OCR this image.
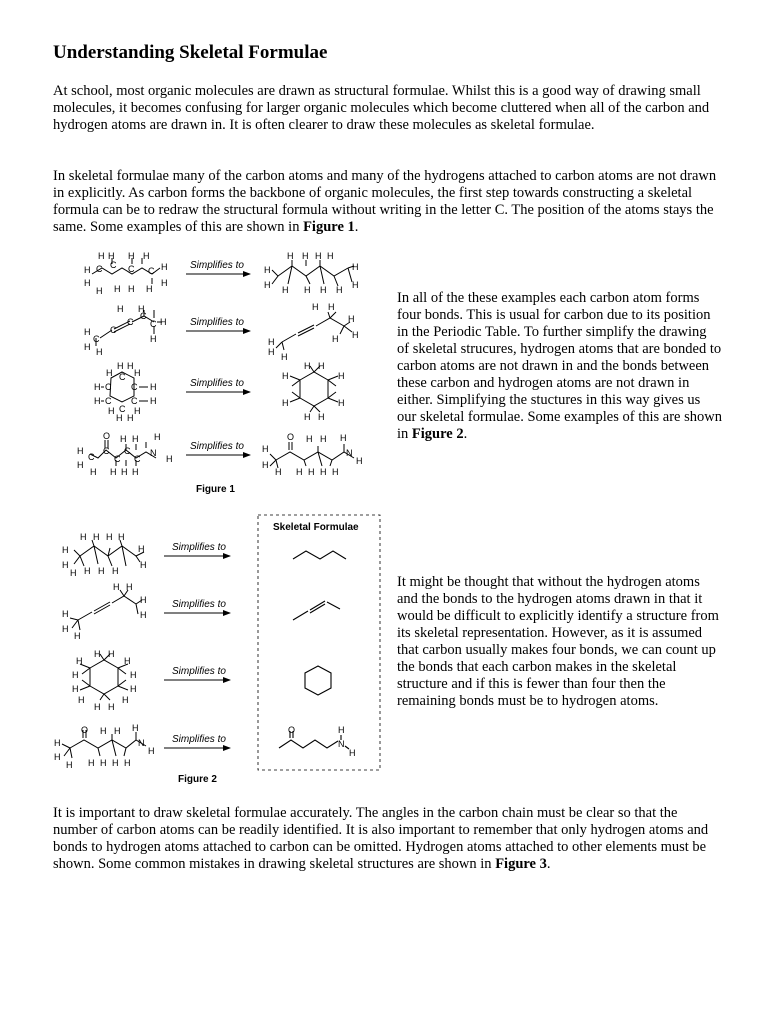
Understanding Skeletal Formulae

At school, most organic molecules are drawn as structural formulae. Whilst this is a good way of drawing small molecules, it becomes confusing for larger organic molecules which become cluttered when all of the carbon and hydrogen atoms are drawn in. It is often clearer to draw these molecules as skeletal formulae.

In skeletal formulae many of the carbon atoms and many of the hydrogens attached to carbon atoms are not drawn in explicitly. As carbon forms the backbone of organic molecules, the first step towards constructing a skeletal formula can be to redraw the structural formula without writing in the letter C. The position of the atoms stays the same. Some examples of this are shown in Figure 1.

In all of the these examples each carbon atom forms four bonds. This is usual for carbon due to its position in the Periodic Table. To further simplify the drawing of skeletal strucures, hydrogen atoms that are bonded to carbon atoms are not drawn in and the bonds between these carbon and hydrogen atoms are not drawn in either. Simplifying the stuctures in this way gives us our skeletal formulae. Some examples of this are shown in Figure 2.

It might be thought that without the hydrogen atoms and the bonds to the hydrogen atoms drawn in that it would be difficult to explicitly identify a structure from its skeletal representation. However, as it is assumed that carbon usually makes four bonds, we can count up the bonds that each carbon makes in the skeletal structure and if this is fewer than four then the remaining bonds must be to hydrogen atoms.

It is important to draw skeletal formulae accurately. The angles in the carbon chain must be clear so that the number of carbon atoms can be readily identified. It is also important to remember that only hydrogen atoms and bonds to hydrogen atoms attached to carbon can be omitted. Hydrogen atoms attached to other elements must be shown. Some common mistakes in drawing skeletal structures are shown in Figure 3.

H H H H
H C C C C H
H
H H H H
H
Simplifies to H
H
H H H H
H H H H
H
H
H H
H
C
C
C
C
C H
H H
H
Simplifies to
H
H H
H H
H
H H
H H
H H
C
H C C H
H C C H
C
H H
H H
Simplifies to
H H
H	H
H	H
H H
O H H H
H
C
C
C
C
C
N
H
H
H H H H
Simplifies to
O H H H
H
H
N
H
H H H H H
Figure 1
H H H H
H	H
H	H
H H H H
Simplifies to
H H
H
H	H
H
H
Simplifies to
H H
H	H
H	H
H	H
H	H
H H
Simplifies to
O H H H
H	N
H
H
H H H H H
Simplifies to
Skeletal Formulae
O	H
N
H
Figure 2
